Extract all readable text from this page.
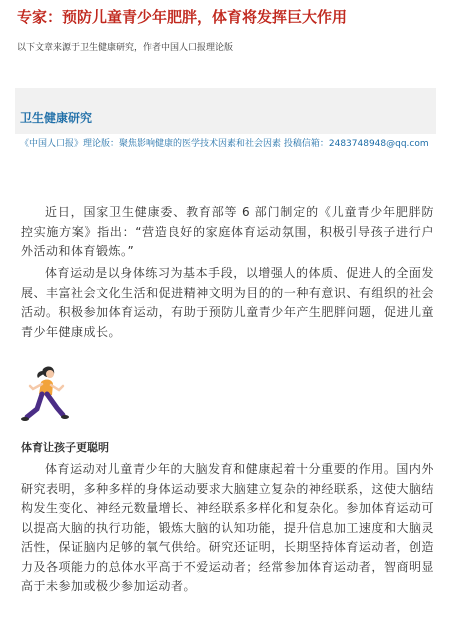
专家：预防儿童青少年肥胖，体育将发挥巨大作用
以下文章来源于卫生健康研究，作者中国人口报理论版
卫生健康研究
《中国人口报》理论版：聚焦影响健康的医学技术因素和社会因素 投稿信箱：2483748948@qq.com

近日，国家卫生健康委、教育部等 6 部门制定的《儿童青少年肥胖防控实施方案》指出：“营造良好的家庭体育运动氛围，积极引导孩子进行户外活动和体育锻炼。”

体育运动是以身体练习为基本手段，以增强人的体质、促进人的全面发展、丰富社会文化生活和促进精神文明为目的的一种有意识、有组织的社会活动。积极参加体育运动，有助于预防儿童青少年产生肥胖问题，促进儿童青少年健康成长。

体育让孩子更聪明

体育运动对儿童青少年的大脑发育和健康起着十分重要的作用。国内外研究表明，多种多样的身体运动要求大脑建立复杂的神经联系，这使大脑结构发生变化、神经元数量增长、神经联系多样化和复杂化。参加体育运动可以提高大脑的执行功能，锻炼大脑的认知功能，提升信息加工速度和大脑灵活性，保证脑内足够的氧气供给。研究还证明，长期坚持体育运动者，创造力及各项能力的总体水平高于不爱运动者；经常参加体育运动者，智商明显高于未参加或极少参加运动者。
